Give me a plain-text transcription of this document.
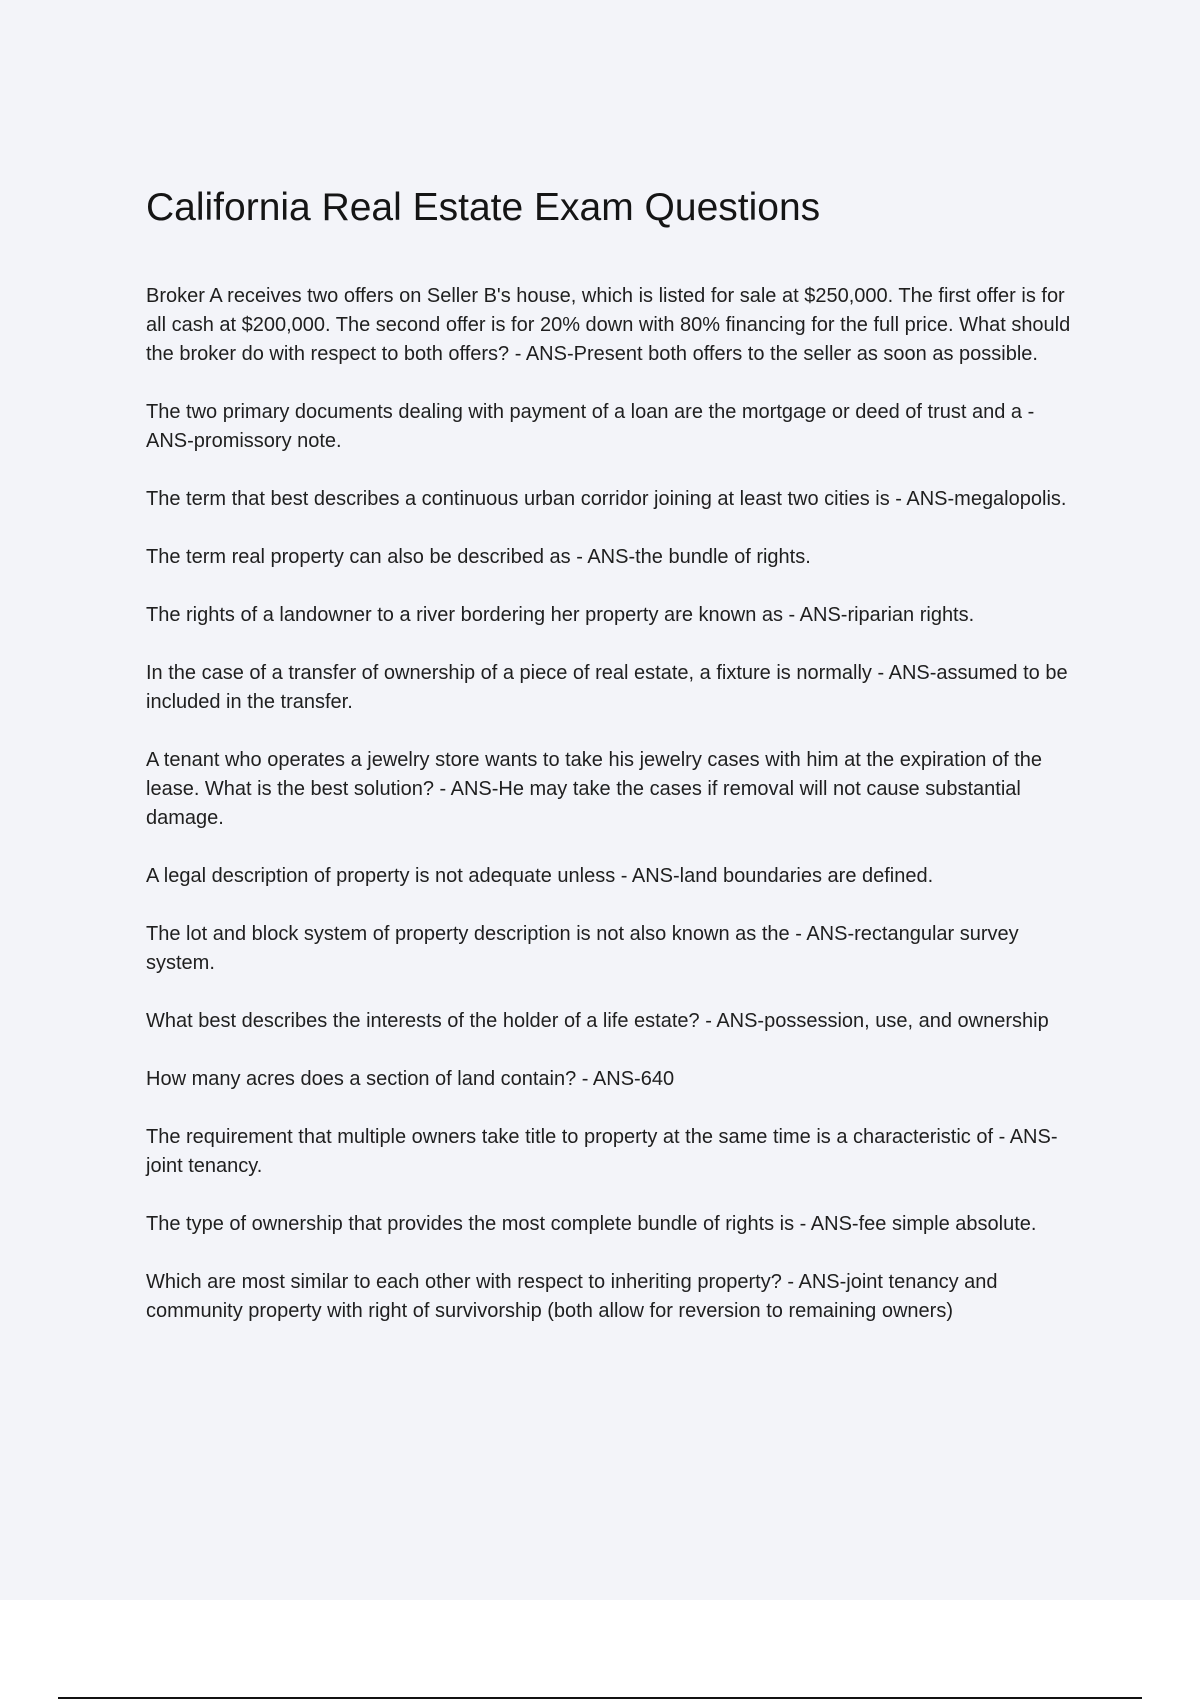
California Real Estate Exam Questions

Broker A receives two offers on Seller B's house, which is listed for sale at $250,000. The first offer is for all cash at $200,000. The second offer is for 20% down with 80% financing for the full price. What should the broker do with respect to both offers? - ANS-Present both offers to the seller as soon as possible.

The two primary documents dealing with payment of a loan are the mortgage or deed of trust and a - ANS-promissory note.

The term that best describes a continuous urban corridor joining at least two cities is - ANS-megalopolis.

The term real property can also be described as - ANS-the bundle of rights.

The rights of a landowner to a river bordering her property are known as - ANS-riparian rights.

In the case of a transfer of ownership of a piece of real estate, a fixture is normally - ANS-assumed to be included in the transfer.

A tenant who operates a jewelry store wants to take his jewelry cases with him at the expiration of the lease. What is the best solution? - ANS-He may take the cases if removal will not cause substantial damage.

A legal description of property is not adequate unless - ANS-land boundaries are defined.

The lot and block system of property description is not also known as the - ANS-rectangular survey system.

What best describes the interests of the holder of a life estate? - ANS-possession, use, and ownership

How many acres does a section of land contain? - ANS-640

The requirement that multiple owners take title to property at the same time is a characteristic of - ANS-joint tenancy.

The type of ownership that provides the most complete bundle of rights is - ANS-fee simple absolute.

Which are most similar to each other with respect to inheriting property? - ANS-joint tenancy and community property with right of survivorship (both allow for reversion to remaining owners)
